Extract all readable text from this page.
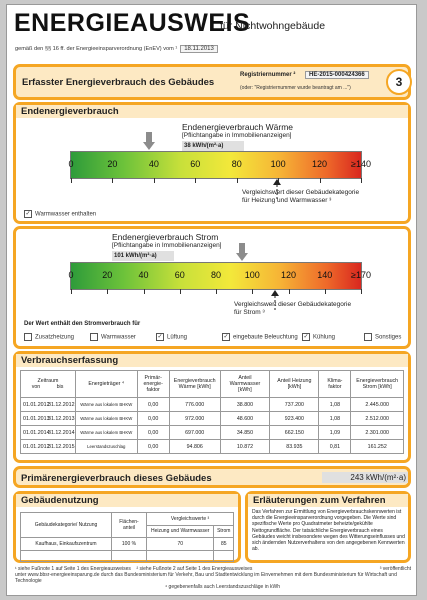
ENERGIEAUSWEIS
für Nichtwohngebäude
gemäß den §§ 16 ff. der Energieeinsparverordnung (EnEV) vom ¹ 18.11.2013
Erfasster Energieverbrauch des Gebäudes
Registriernummer ²	HE-2015-000424366
(oder: "Registriernummer wurde beantragt am ...")	3
Endenergieverbrauch
Endenergieverbrauch Wärme
[Pflichtangabe in Immobilienanzeigen]
38 kWh/(m²·a)
0	20	40	60	80	100	120	≥140
Vergleichswert dieser Gebäudekategorie
für Heizung und Warmwasser ³
✓ Warmwasser enthalten
Endenergieverbrauch Strom
[Pflichtangabe in Immobilienanzeigen]
101 kWh/(m²·a)
0	20	40	60	80	100	120	140	≥170
Vergleichswert dieser Gebäudekategorie
für Strom ³
Der Wert enthält den Stromverbrauch für
Zusatzheizung	Warmwasser	✓ Lüftung	✓ eingebaute Beleuchtung ✓ Kühlung	Sonstiges
Verbrauchserfassung
Zeitraum
von bis	Energieträger ⁴	Primär-energie-faktor	Energieverbrauch Wärme [kWh]	Anteil Warmwasser [kWh]	Anteil Heizung [kWh]	Klima-faktor	Energieverbrauch Strom [kWh]
01.01.201231.12.2012	Wärme aus lokalem BHKW	0,00	776.000	38.800	737.200	1,08	2.445.000
01.01.201331.12.2013	Wärme aus lokalem BHKW	0,00	972.000	48.600	923.400	1,08	2.512.000
01.01.201431.12.2014	Wärme aus lokalem BHKW	0,00	697.000	34.850	662.150	1,09	2.301.000
01.01.201231.12.2015	Leerstandszuschlag	0,00	94.806	10.872	83.935	0,81	161.252
Primärenergieverbrauch dieses Gebäudes	243 kWh/(m²·a)
Gebäudenutzung
Gebäudekategorie/ Nutzung	Flächen-anteil	Vergleichswerte ³	
		Heizung und Warmwasser	Strom
Kaufhaus, Einkaufszentrum	100 %	70	85

Erläuterungen zum Verfahren
Das Verfahren zur Ermittlung von Energieverbrauchskennwerten ist durch die Energieeinsparverordnung vorgegeben. Die Werte sind spezifische Werte pro Quadratmeter beheizte/gekühlte Nettogrundfläche. Der tatsächliche Energieverbrauch eines Gebäudes weicht insbesondere wegen des Witterungseinflusses und sich ändernden Nutzerverhaltens von den angegebenen Kennwerten ab.
¹ siehe Fußnote 1 auf Seite 1 des Energieausweises ² siehe Fußnote 2 auf Seite 1 des Energieausweises	³ veröffentlicht
unter www.bbsr-energieeinsparung.de durch das Bundesministerium für Verkehr, Bau und Stadtentwicklung im Einvernehmen mit dem Bundesministerium für Wirtschaft und Technologie
⁴ gegebenenfalls auch Leerstandszuschläge in kWh
